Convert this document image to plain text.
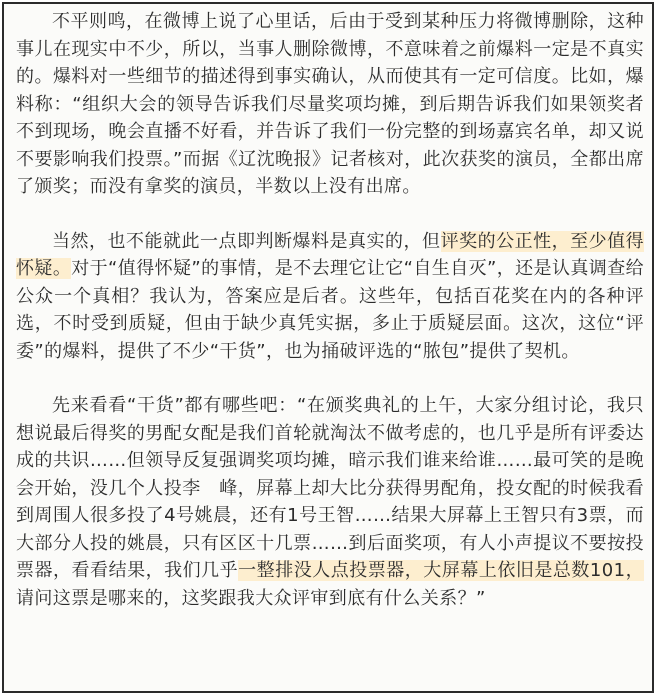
不平则鸣，在微博上说了心里话，后由于受到某种压力将微博删除，这种事儿在现实中不少，所以，当事人删除微博，不意味着之前爆料一定是不真实的。爆料对一些细节的描述得到事实确认，从而使其有一定可信度。比如，爆料称：“组织大会的领导告诉我们尽量奖项均摊，到后期告诉我们如果领奖者不到现场，晚会直播不好看，并告诉了我们一份完整的到场嘉宾名单，却又说不要影响我们投票。”而据《辽沈晚报》记者核对，此次获奖的演员，全都出席了颁奖；而没有拿奖的演员，半数以上没有出席。

当然，也不能就此一点即判断爆料是真实的，但评奖的公正性，至少值得怀疑。对于“值得怀疑”的事情，是不去理它让它“自生自灭”，还是认真调查给公众一个真相？我认为，答案应是后者。这些年，包括百花奖在内的各种评选，不时受到质疑，但由于缺少真凭实据，多止于质疑层面。这次，这位“评委”的爆料，提供了不少“干货”，也为捅破评选的“脓包”提供了契机。

先来看看“干货”都有哪些吧：“在颁奖典礼的上午，大家分组讨论，我只想说最后得奖的男配女配是我们首轮就淘汰不做考虑的，也几乎是所有评委达成的共识……但领导反复强调奖项均摊，暗示我们谁来给谁……最可笑的是晚会开始，没几个人投李　峰，屏幕上却大比分获得男配角，投女配的时候我看到周围人很多投了4号姚晨，还有1号王智……结果大屏幕上王智只有3票，而大部分人投的姚晨，只有区区十几票……到后面奖项，有人小声提议不要按投票器，看看结果，我们几乎一整排没人点投票器，大屏幕上依旧是总数101，请问这票是哪来的，这奖跟我大众评审到底有什么关系？”
